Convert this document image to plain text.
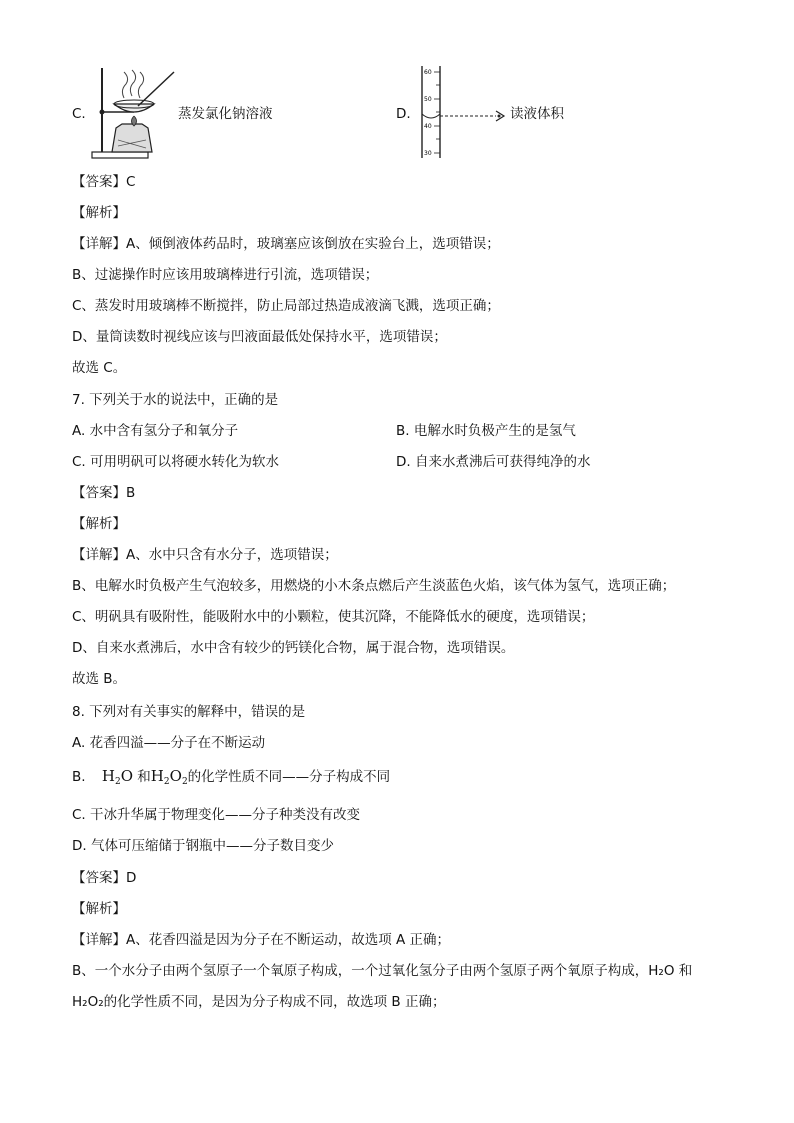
C.	蒸发氯化钠溶液	D.
60
50
40
30
读液体积
【答案】C
【解析】
【详解】A、倾倒液体药品时，玻璃塞应该倒放在实验台上，选项错误；
B、过滤操作时应该用玻璃棒进行引流，选项错误；
C、蒸发时用玻璃棒不断搅拌，防止局部过热造成液滴飞溅，选项正确；
D、量筒读数时视线应该与凹液面最低处保持水平，选项错误；
故选 C。
7. 下列关于水的说法中，正确的是
A. 水中含有氢分子和氧分子	B. 电解水时负极产生的是氢气
C. 可用明矾可以将硬水转化为软水	D. 自来水煮沸后可获得纯净的水
【答案】B
【解析】
【详解】A、水中只含有水分子，选项错误；
B、电解水时负极产生气泡较多，用燃烧的小木条点燃后产生淡蓝色火焰，该气体为氢气，选项正确；
C、明矾具有吸附性，能吸附水中的小颗粒，使其沉降，不能降低水的硬度，选项错误；
D、自来水煮沸后，水中含有较少的钙镁化合物，属于混合物，选项错误。
故选 B。
8. 下列对有关事实的解释中，错误的是
A. 花香四溢——分子在不断运动
B. $H_2O$ 和$H_2O_2$的化学性质不同——分子构成不同
C. 干冰升华属于物理变化——分子种类没有改变
D. 气体可压缩储于钢瓶中——分子数目变少
【答案】D
【解析】
【详解】A、花香四溢是因为分子在不断运动，故选项 A 正确；
B、一个水分子由两个氢原子一个氧原子构成，一个过氧化氢分子由两个氢原子两个氧原子构成，H₂O 和
H₂O₂的化学性质不同，是因为分子构成不同，故选项 B 正确；
